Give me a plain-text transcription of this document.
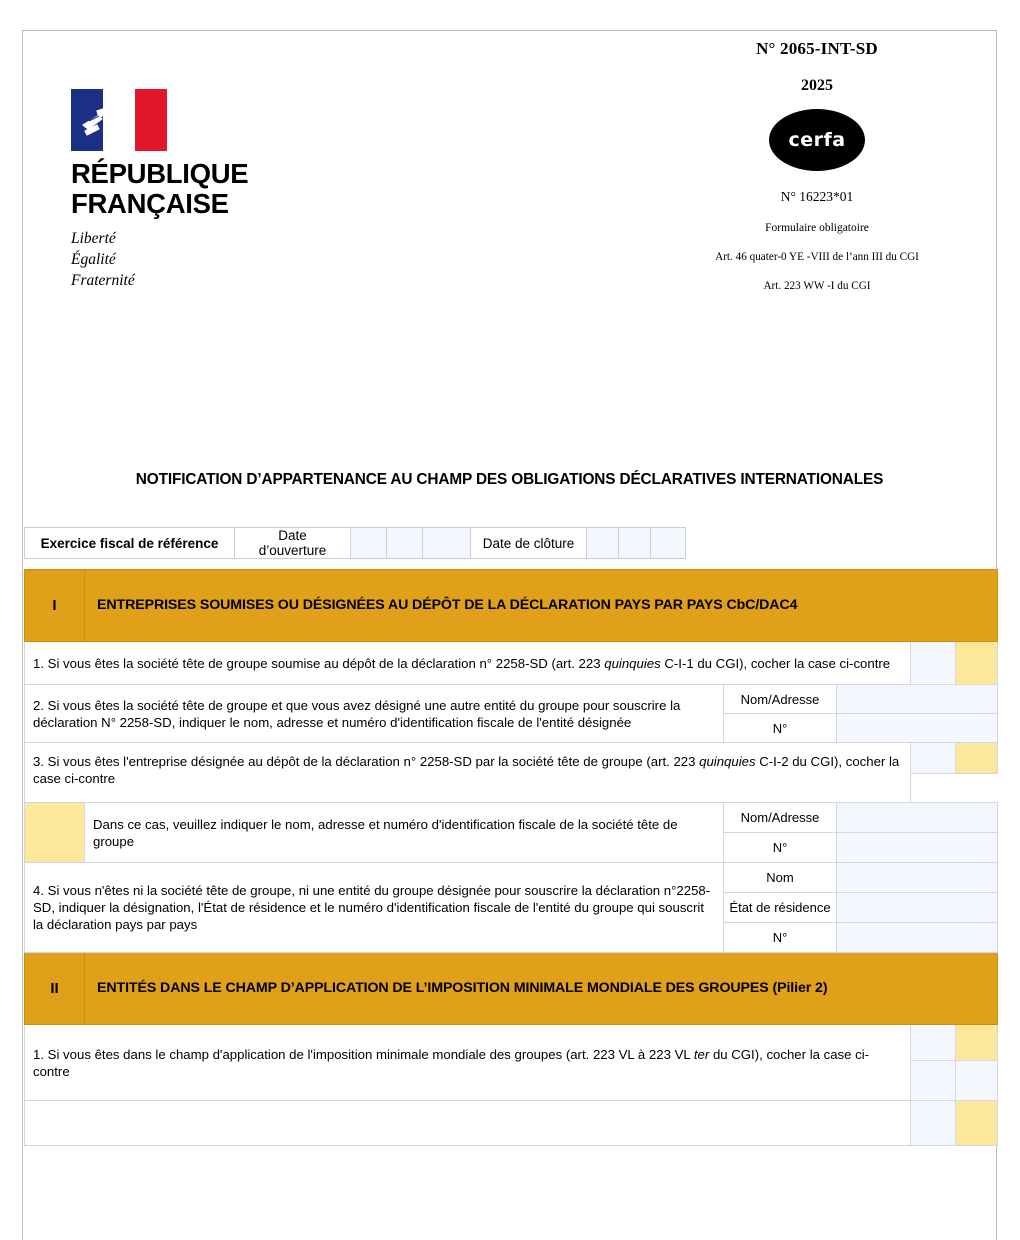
RÉPUBLIQUE
FRANÇAISE
Liberté
Égalité
Fraternité
N° 2065-INT-SD
2025
cerfa
N° 16223*01
Formulaire obligatoire
Art. 46 quater-0 YE -VIII de l’ann III du CGI
Art. 223 WW -I du CGI
NOTIFICATION D’APPARTENANCE AU CHAMP DES OBLIGATIONS DÉCLARATIVES INTERNATIONALES
Exercice fiscal de référence	Date d’ouverture				Date de clôture			
I	ENTREPRISES SOUMISES OU DÉSIGNÉES AU DÉPÔT DE LA DÉCLARATION PAYS PAR PAYS CbC/DAC4				
1. Si vous êtes la société tête de groupe soumise au dépôt de la déclaration n° 2258-SD (art. 223 quinquies C-I-1 du CGI), cocher la case ci-contre					
2. Si vous êtes la société tête de groupe et que vous avez désigné une autre entité du groupe pour souscrire la déclaration N° 2258-SD, indiquer le nom, adresse et numéro d'identification fiscale de l'entité désignée		Nom/Adresse			
		N°			
3. Si vous êtes l'entreprise désignée au dépôt de la déclaration n° 2258-SD par la société tête de groupe (art. 223 quinquies C-I-2 du CGI), cocher la case ci-contre					

	Dans ce cas, veuillez indiquer le nom, adresse et numéro d'identification fiscale de la société tête de groupe	Nom/Adresse			
		N°			
4. Si vous n'êtes ni la société tête de groupe, ni une entité du groupe désignée pour souscrire la déclaration n°2258-SD, indiquer la désignation, l'État de résidence et le numéro d'identification fiscale de l'entité du groupe qui souscrit la déclaration pays par pays		Nom			
		État de résidence			
		N°			
II	ENTITÉS DANS LE CHAMP D’APPLICATION DE L’IMPOSITION MINIMALE MONDIALE DES GROUPES (Pilier 2)				
1. Si vous êtes dans le champ d'application de l'imposition minimale mondiale des groupes (art. 223 VL à 223 VL ter du CGI), cocher la case ci-contre					
